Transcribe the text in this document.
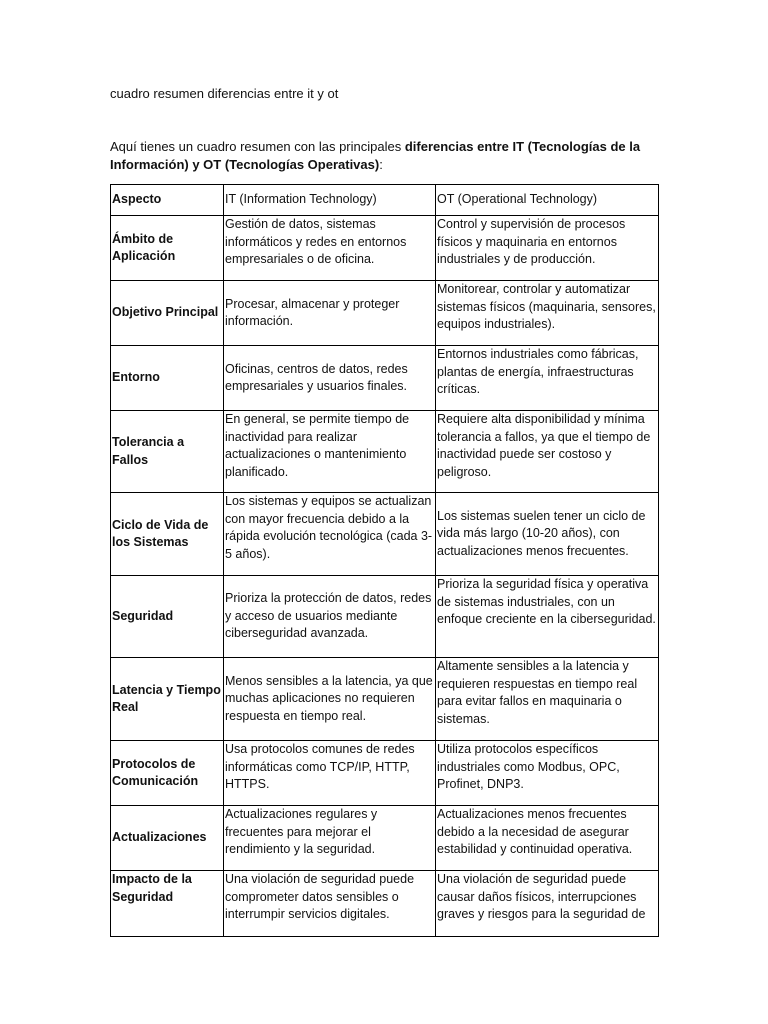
cuadro resumen diferencias entre it y ot

Aquí tienes un cuadro resumen con las principales diferencias entre IT (Tecnologías de la Información) y OT (Tecnologías Operativas):

Aspecto	IT (Information Technology)	OT (Operational Technology)
Ámbito de Aplicación	Gestión de datos, sistemas informáticos y redes en entornos empresariales o de oficina.	Control y supervisión de procesos físicos y maquinaria en entornos industriales y de producción.
Objetivo Principal	Procesar, almacenar y proteger información.	Monitorear, controlar y automatizar sistemas físicos (maquinaria, sensores, equipos industriales).
Entorno	Oficinas, centros de datos, redes empresariales y usuarios finales.	Entornos industriales como fábricas, plantas de energía, infraestructuras críticas.
Tolerancia a Fallos	En general, se permite tiempo de inactividad para realizar actualizaciones o mantenimiento planificado.	Requiere alta disponibilidad y mínima tolerancia a fallos, ya que el tiempo de inactividad puede ser costoso y peligroso.
Ciclo de Vida de los Sistemas	Los sistemas y equipos se actualizan con mayor frecuencia debido a la rápida evolución tecnológica (cada 3-5 años).	Los sistemas suelen tener un ciclo de vida más largo (10-20 años), con actualizaciones menos frecuentes.
Seguridad	Prioriza la protección de datos, redes y acceso de usuarios mediante ciberseguridad avanzada.	Prioriza la seguridad física y operativa de sistemas industriales, con un enfoque creciente en la ciberseguridad.
Latencia y Tiempo Real	Menos sensibles a la latencia, ya que muchas aplicaciones no requieren respuesta en tiempo real.	Altamente sensibles a la latencia y requieren respuestas en tiempo real para evitar fallos en maquinaria o sistemas.
Protocolos de Comunicación	Usa protocolos comunes de redes informáticas como TCP/IP, HTTP, HTTPS.	Utiliza protocolos específicos industriales como Modbus, OPC, Profinet, DNP3.
Actualizaciones	Actualizaciones regulares y frecuentes para mejorar el rendimiento y la seguridad.	Actualizaciones menos frecuentes debido a la necesidad de asegurar estabilidad y continuidad operativa.
Impacto de la Seguridad	Una violación de seguridad puede comprometer datos sensibles o interrumpir servicios digitales.	Una violación de seguridad puede causar daños físicos, interrupciones graves y riesgos para la seguridad de
